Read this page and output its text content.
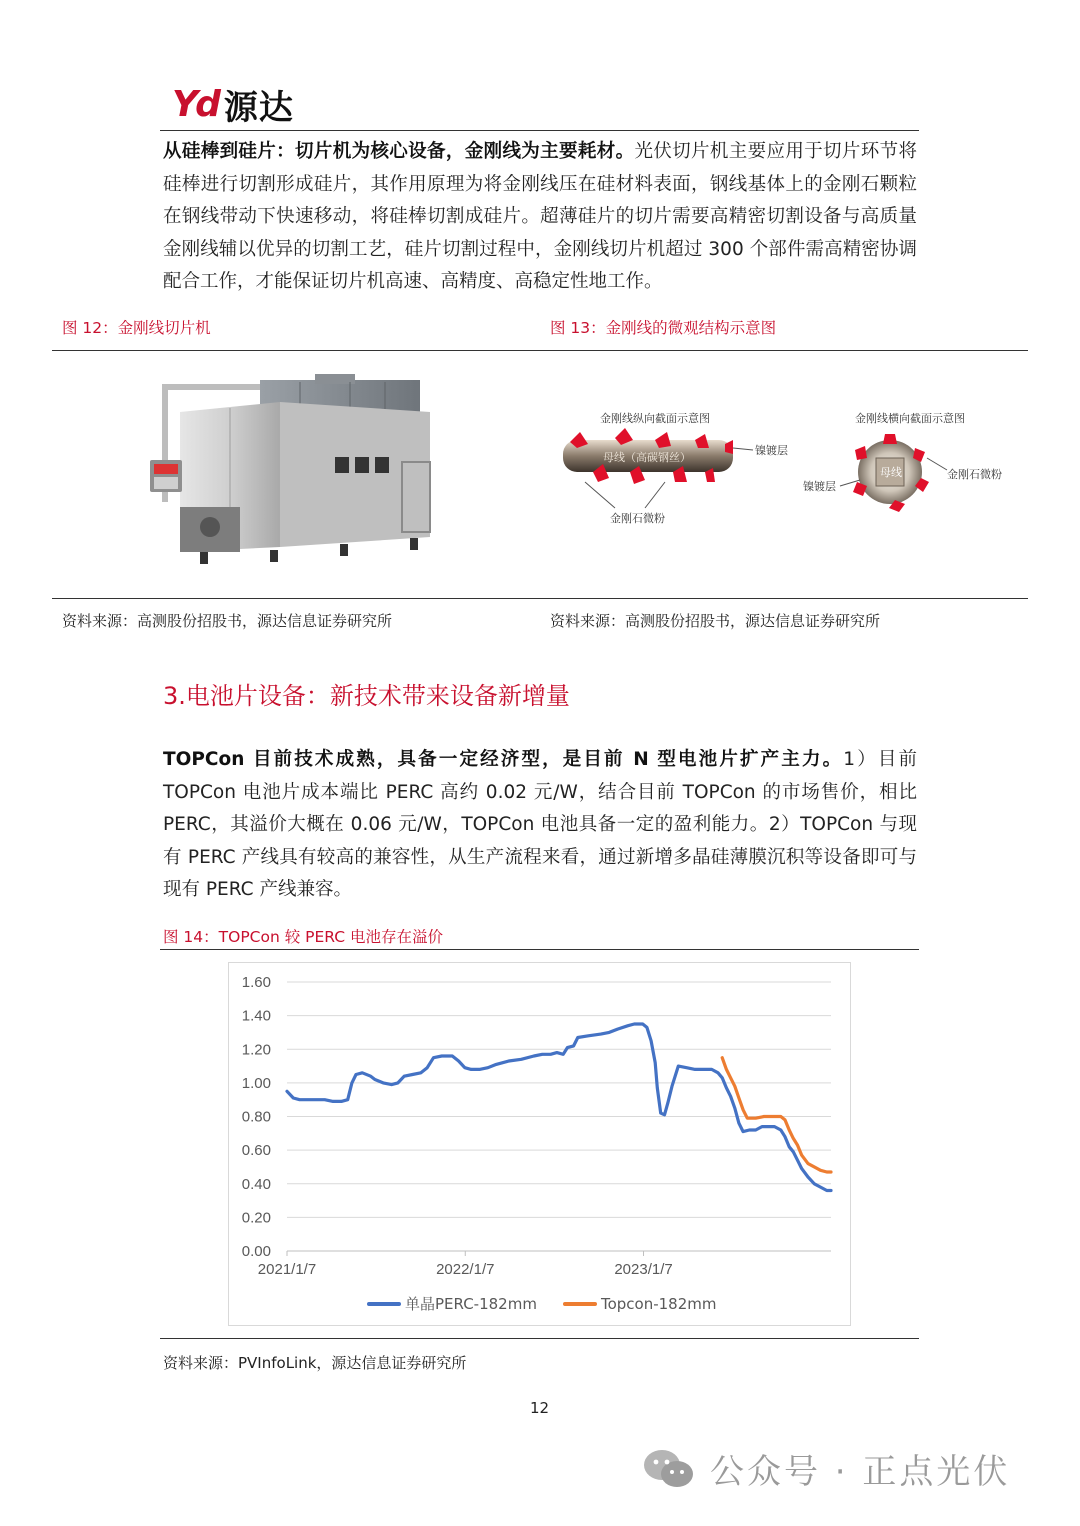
Yd 源达
从硅棒到硅片：切片机为核心设备，金刚线为主要耗材。光伏切片机主要应用于切片环节将硅棒进行切割形成硅片，其作用原理为将金刚线压在硅材料表面，钢线基体上的金刚石颗粒在钢线带动下快速移动，将硅棒切割成硅片。超薄硅片的切片需要高精密切割设备与高质量金刚线辅以优异的切割工艺，硅片切割过程中，金刚线切片机超过 300 个部件需高精密协调配合工作，才能保证切片机高速、高精度、高稳定性地工作。
图 12：金刚线切片机	图 13：金刚线的微观结构示意图
金刚线纵向截面示意图
母线（高碳钢丝）
镍镀层
金刚石微粉
金刚线横向截面示意图
母线
镍镀层
金刚石微粉
资料来源：高测股份招股书，源达信息证券研究所	资料来源：高测股份招股书，源达信息证券研究所
3.电池片设备：新技术带来设备新增量
TOPCon 目前技术成熟，具备一定经济型，是目前 N 型电池片扩产主力。1）目前 TOPCon 电池片成本端比 PERC 高约 0.02 元/W，结合目前 TOPCon 的市场售价，相比 PERC，其溢价大概在 0.06 元/W，TOPCon 电池具备一定的盈利能力。2）TOPCon 与现有 PERC 产线具有较高的兼容性，从生产流程来看，通过新增多晶硅薄膜沉积等设备即可与现有 PERC 产线兼容。
图 14：TOPCon 较 PERC 电池存在溢价
0.00
0.20
0.40
0.60
0.80
1.00
1.20
1.40
1.60
2021/1/7	2022/1/7	2023/1/7
单晶PERC-182mm	Topcon-182mm
资料来源：PVInfoLink，源达信息证券研究所
12
公众号 · 正点光伏
